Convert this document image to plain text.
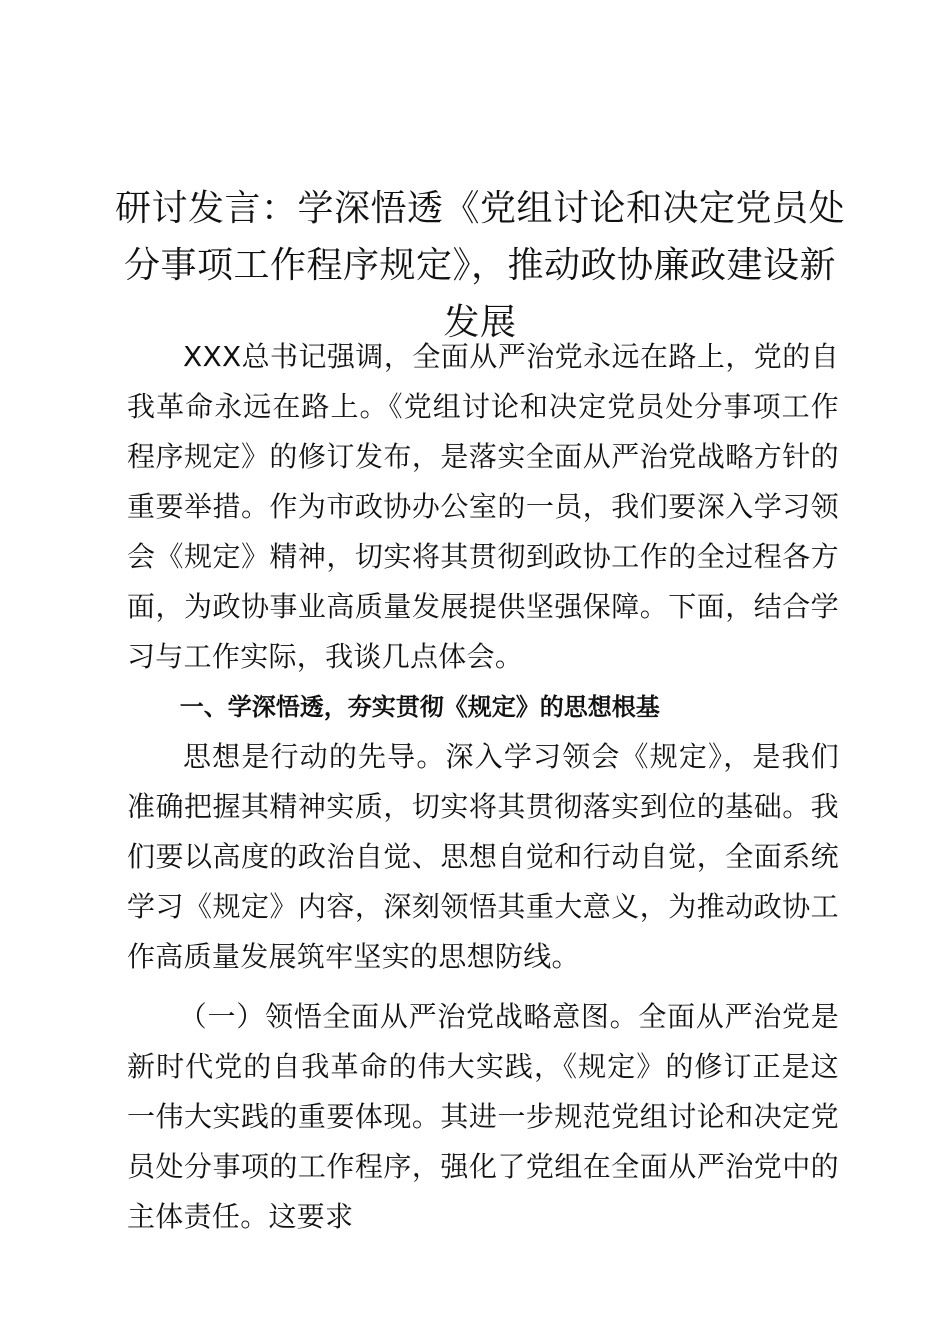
研讨发言：学深悟透《党组讨论和决定党员处分事项工作程序规定》，推动政协廉政建设新发展

XXX总书记强调，全面从严治党永远在路上，党的自我革命永远在路上。《党组讨论和决定党员处分事项工作程序规定》的修订发布，是落实全面从严治党战略方针的重要举措。作为市政协办公室的一员，我们要深入学习领会《规定》精神，切实将其贯彻到政协工作的全过程各方面，为政协事业高质量发展提供坚强保障。下面，结合学习与工作实际，我谈几点体会。

一、学深悟透，夯实贯彻《规定》的思想根基

思想是行动的先导。深入学习领会《规定》，是我们准确把握其精神实质，切实将其贯彻落实到位的基础。我们要以高度的政治自觉、思想自觉和行动自觉，全面系统学习《规定》内容，深刻领悟其重大意义，为推动政协工作高质量发展筑牢坚实的思想防线。

（一）领悟全面从严治党战略意图。全面从严治党是新时代党的自我革命的伟大实践，《规定》的修订正是这一伟大实践的重要体现。其进一步规范党组讨论和决定党员处分事项的工作程序，强化了党组在全面从严治党中的主体责任。这要求
